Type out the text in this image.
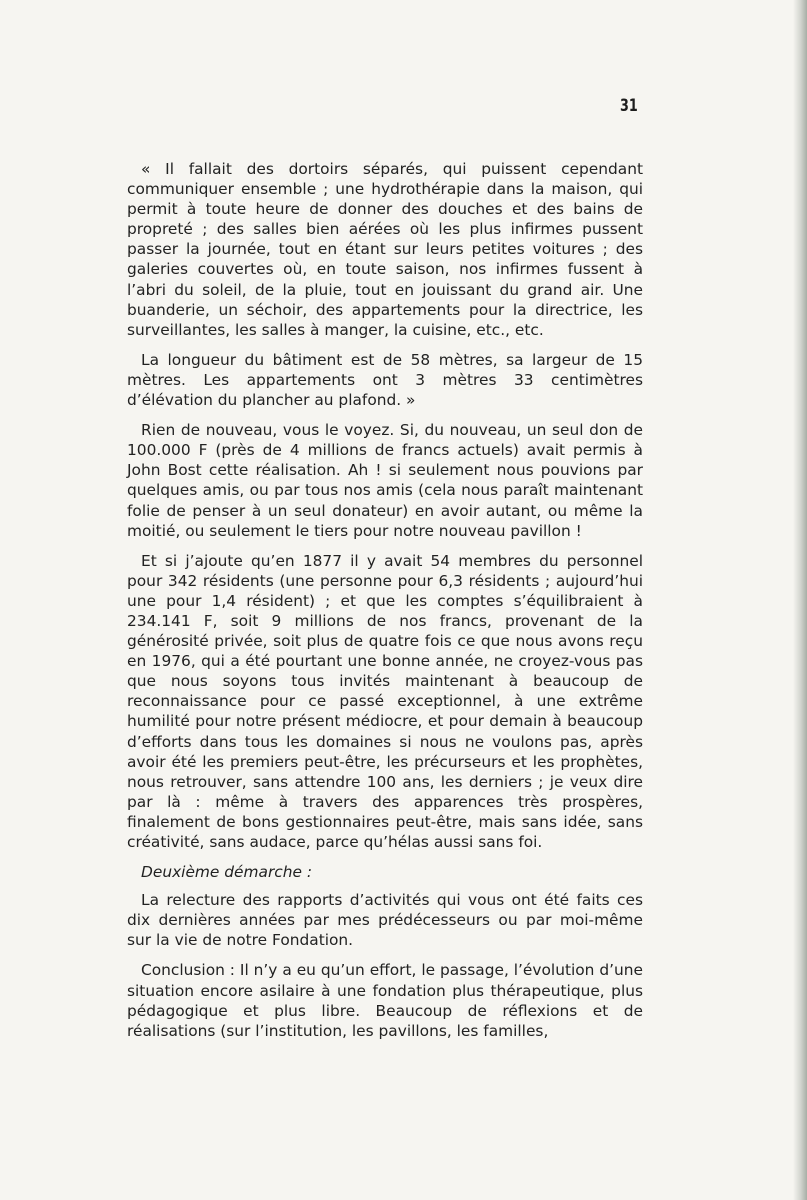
31

« Il fallait des dortoirs séparés, qui puissent cependant communiquer ensemble ; une hydrothérapie dans la maison, qui permit à toute heure de donner des douches et des bains de propreté ; des salles bien aérées où les plus infirmes pussent passer la journée, tout en étant sur leurs petites voitures ; des galeries couvertes où, en toute saison, nos infirmes fussent à l’abri du soleil, de la pluie, tout en jouissant du grand air. Une buanderie, un séchoir, des appartements pour la directrice, les surveillantes, les salles à manger, la cuisine, etc., etc.

La longueur du bâtiment est de 58 mètres, sa largeur de 15 mètres. Les appartements ont 3 mètres 33 centimètres d’élévation du plancher au plafond. »

Rien de nouveau, vous le voyez. Si, du nouveau, un seul don de 100.000 F (près de 4 millions de francs actuels) avait permis à John Bost cette réalisation. Ah ! si seulement nous pouvions par quelques amis, ou par tous nos amis (cela nous paraît maintenant folie de penser à un seul donateur) en avoir autant, ou même la moitié, ou seulement le tiers pour notre nouveau pavillon !

Et si j’ajoute qu’en 1877 il y avait 54 membres du personnel pour 342 résidents (une personne pour 6,3 résidents ; aujourd’hui une pour 1,4 résident) ; et que les comptes s’équilibraient à 234.141 F, soit 9 millions de nos francs, provenant de la générosité privée, soit plus de quatre fois ce que nous avons reçu en 1976, qui a été pourtant une bonne année, ne croyez-vous pas que nous soyons tous invités maintenant à beaucoup de reconnaissance pour ce passé exceptionnel, à une extrême humilité pour notre présent médiocre, et pour demain à beaucoup d’efforts dans tous les domaines si nous ne voulons pas, après avoir été les premiers peut-être, les précurseurs et les prophètes, nous retrouver, sans attendre 100 ans, les derniers ; je veux dire par là : même à travers des apparences très prospères, finalement de bons gestionnaires peut-être, mais sans idée, sans créativité, sans audace, parce qu’hélas aussi sans foi.

Deuxième démarche :

La relecture des rapports d’activités qui vous ont été faits ces dix dernières années par mes prédécesseurs ou par moi-même sur la vie de notre Fondation.

Conclusion : Il n’y a eu qu’un effort, le passage, l’évolution d’une situation encore asilaire à une fondation plus thérapeutique, plus pédagogique et plus libre. Beaucoup de réflexions et de réalisations (sur l’institution, les pavillons, les familles,
